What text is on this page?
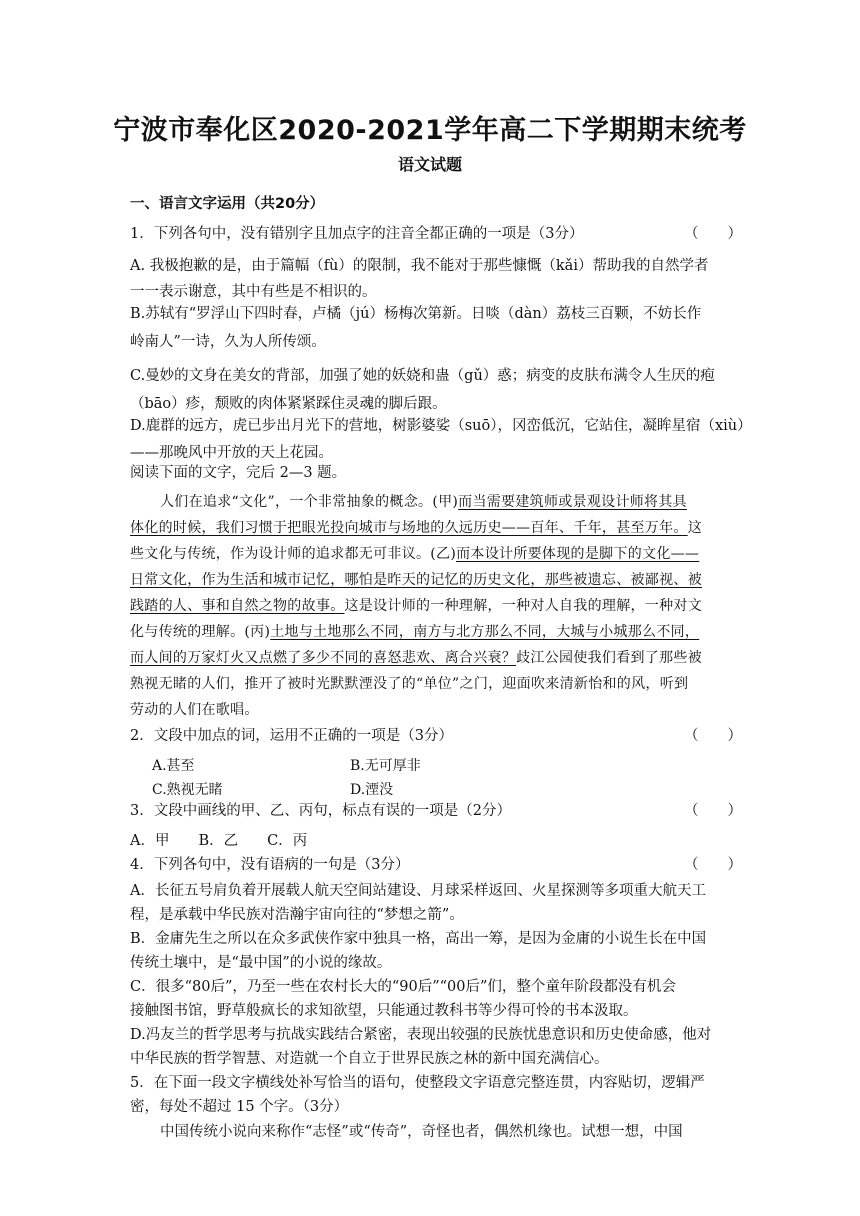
宁波市奉化区2020-2021学年高二下学期期末统考
语文试题
一、语言文字运用（共20分）
1．下列各句中，没有错别字且加点字的注音全都正确的一项是（3分）	（　　）
A. 我极抱歉的是，由于篇幅（fù）的限制，我不能对于那些慷慨（kǎi）帮助我的自然学者
一一表示谢意，其中有些是不相识的。
B.苏轼有“罗浮山下四时春，卢橘（jú）杨梅次第新。日啖（dàn）荔枝三百颗，不妨长作
岭南人”一诗，久为人所传颂。
C.曼妙的文身在美女的背部，加强了她的妖娆和蛊（gǔ）惑；病变的皮肤布满令人生厌的疱
（bāo）疹，颓败的肉体紧紧踩住灵魂的脚后跟。
D.鹿群的远方，虎已步出月光下的营地，树影婆娑（suō），冈峦低沉，它站住，凝眸星宿（xiù）
——那晚风中开放的天上花园。
阅读下面的文字，完后 2—3 题。
人们在追求“文化”，一个非常抽象的概念。(甲)而当需要建筑师或景观设计师将其具
体化的时候，我们习惯于把眼光投向城市与场地的久远历史——百年、千年，甚至万年。这
些文化与传统，作为设计师的追求都无可非议。(乙)而本设计所要体现的是脚下的文化——
日常文化，作为生活和城市记忆，哪怕是昨天的记忆的历史文化，那些被遗忘、被鄙视、被
践踏的人、事和自然之物的故事。这是设计师的一种理解，一种对人自我的理解，一种对文
化与传统的理解。(丙)土地与土地那么不同，南方与北方那么不同，大城与小城那么不同，
而人间的万家灯火又点燃了多少不同的喜怒悲欢、离合兴衰？歧江公园使我们看到了那些被
熟视无睹的人们，推开了被时光默默湮没了的“单位”之门，迎面吹来清新怡和的风，听到
劳动的人们在歌唱。
2．文段中加点的词，运用不正确的一项是（3分）	（　　）
A.甚至	B.无可厚非
C.熟视无睹	D.湮没
3．文段中画线的甲、乙、丙句，标点有误的一项是（2分）	（　　）
A．甲　　B．乙　　C．丙
4．下列各句中，没有语病的一句是（3分）	（　　）
A．长征五号肩负着开展载人航天空间站建设、月球采样返回、火星探测等多项重大航天工
程，是承载中华民族对浩瀚宇宙向往的“梦想之箭”。
B．金庸先生之所以在众多武侠作家中独具一格，高出一筹，是因为金庸的小说生长在中国
传统土壤中，是“最中国”的小说的缘故。
C．很多“80后”，乃至一些在农村长大的“90后”“00后”们，整个童年阶段都没有机会
接触图书馆，野草般疯长的求知欲望，只能通过教科书等少得可怜的书本汲取。
D.冯友兰的哲学思考与抗战实践结合紧密，表现出较强的民族忧患意识和历史使命感，他对
中华民族的哲学智慧、对造就一个自立于世界民族之林的新中国充满信心。
5．在下面一段文字横线处补写恰当的语句，使整段文字语意完整连贯，内容贴切，逻辑严
密，每处不超过 15 个字。（3分）
中国传统小说向来称作“志怪”或“传奇”，奇怪也者，偶然机缘也。试想一想，中国
